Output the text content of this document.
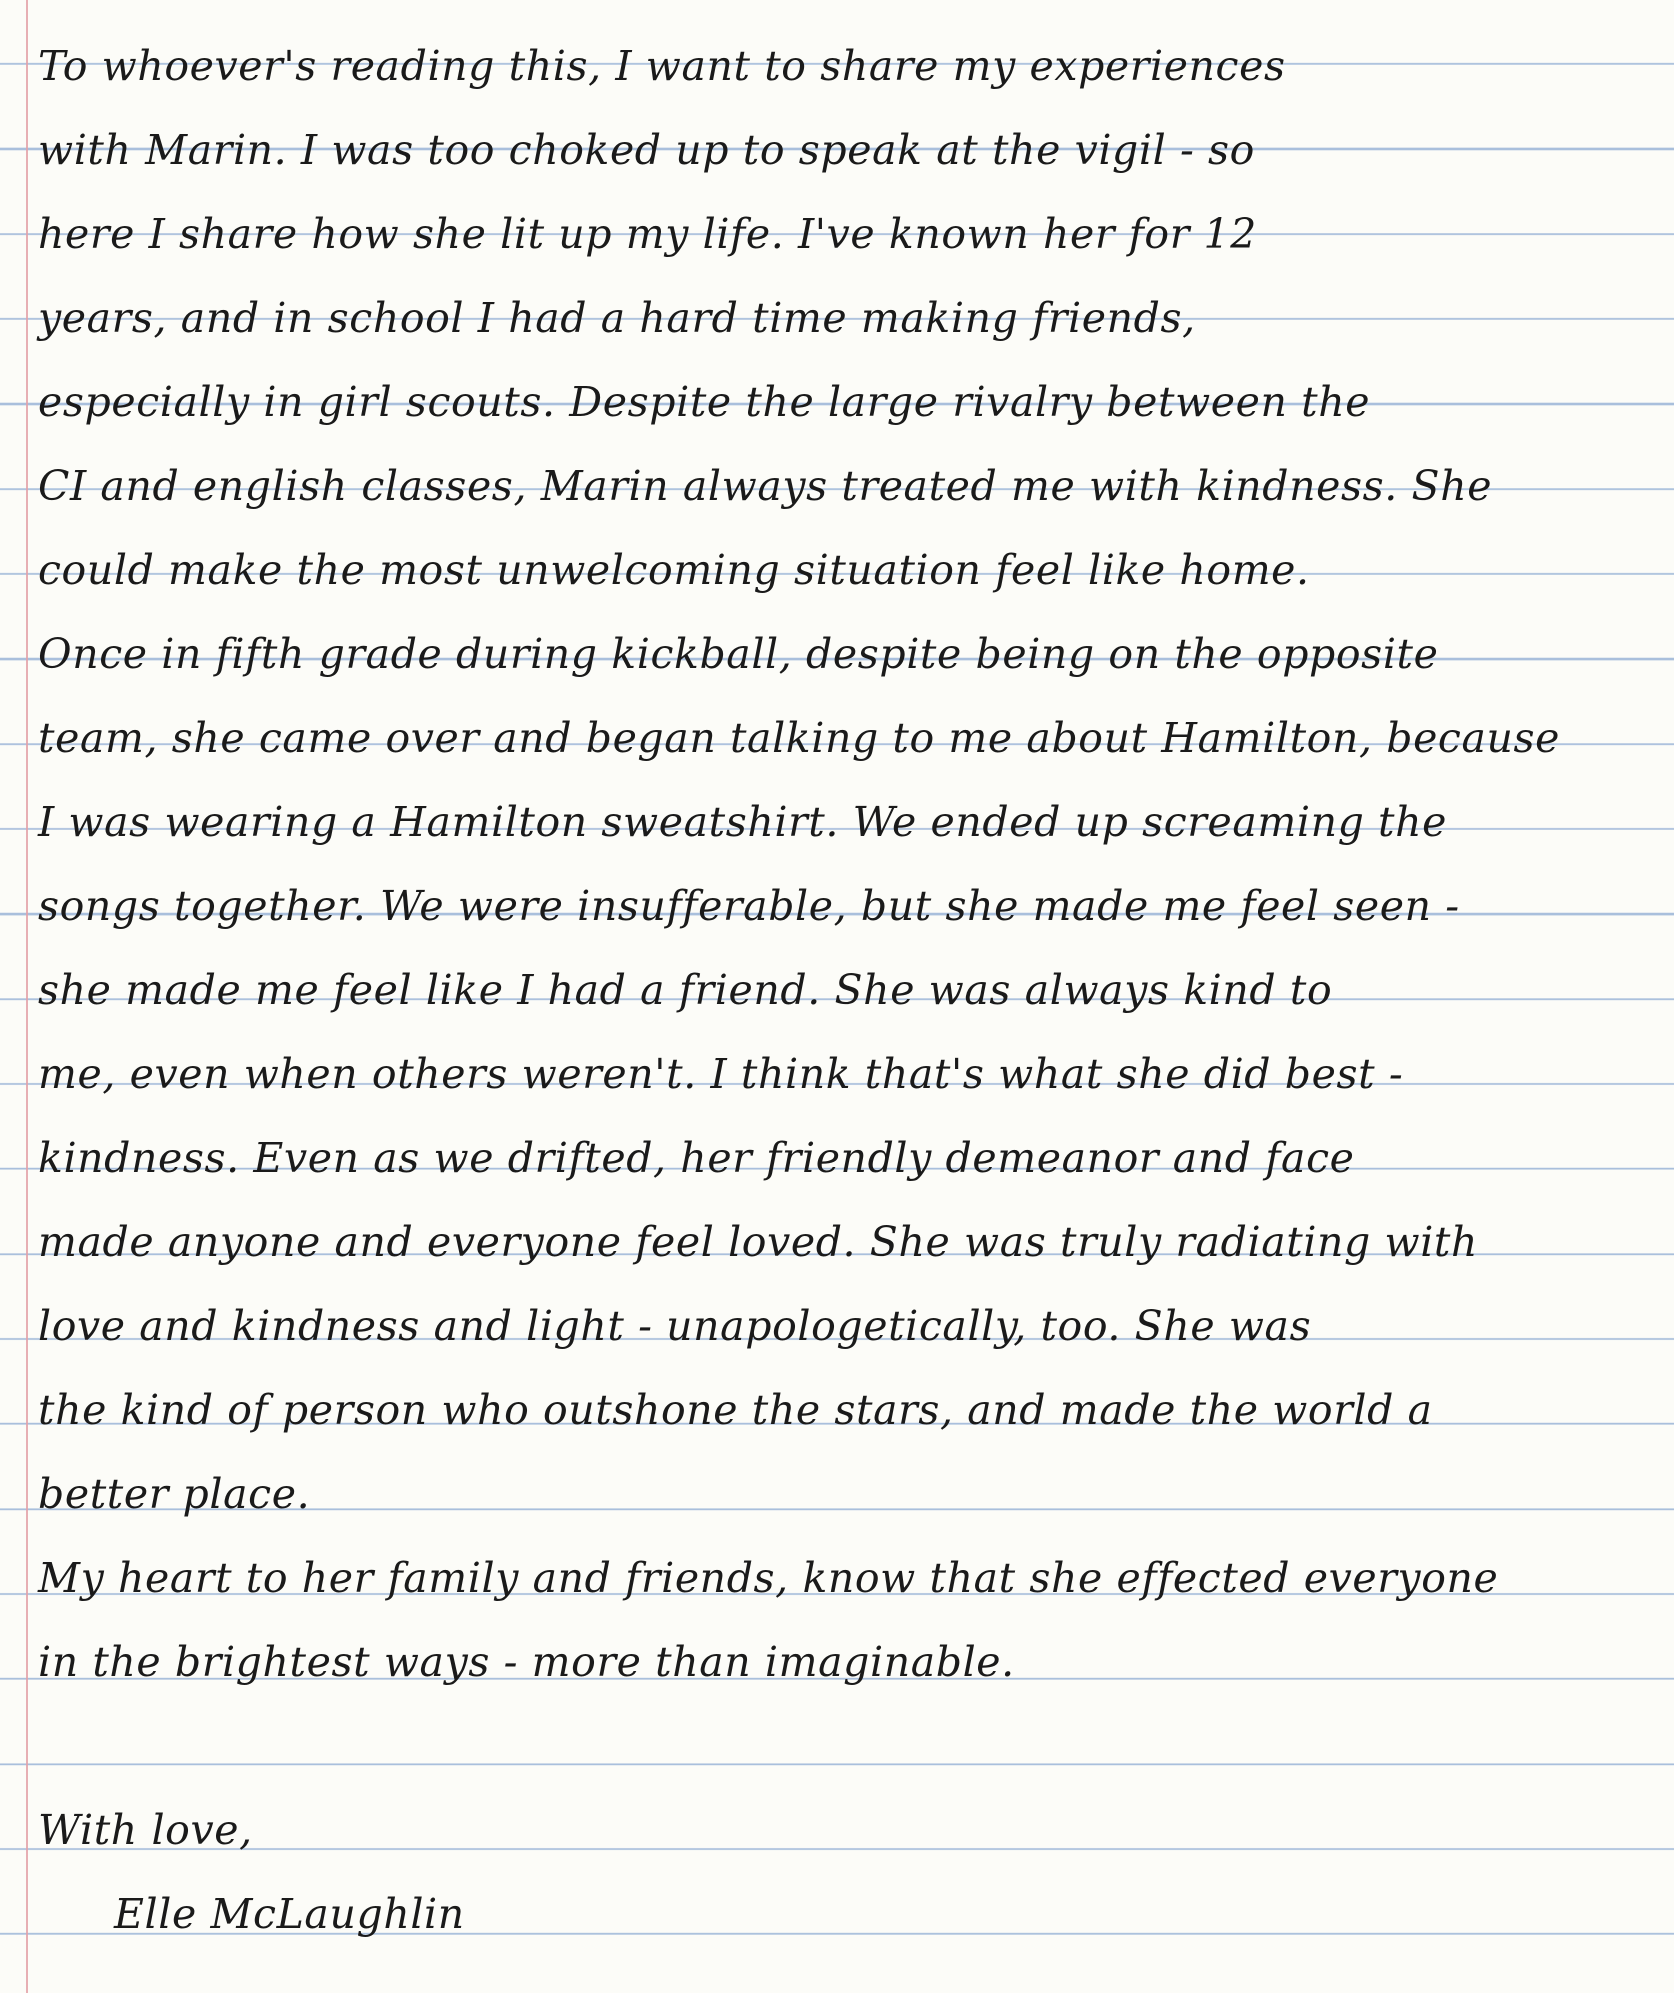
To whoever's reading this, I want to share my experiences
with Marin. I was too choked up to speak at the vigil - so
here I share how she lit up my life. I've known her for 12
years, and in school I had a hard time making friends,
especially in girl scouts. Despite the large rivalry between the
CI and english classes, Marin always treated me with kindness. She
could make the most unwelcoming situation feel like home.
Once in fifth grade during kickball, despite being on the opposite
team, she came over and began talking to me about Hamilton, because
I was wearing a Hamilton sweatshirt. We ended up screaming the
songs together. We were insufferable, but she made me feel seen -
she made me feel like I had a friend. She was always kind to
me, even when others weren't. I think that's what she did best -
kindness. Even as we drifted, her friendly demeanor and face
made anyone and everyone feel loved. She was truly radiating with
love and kindness and light - unapologetically, too. She was
the kind of person who outshone the stars, and made the world a
better place.
My heart to her family and friends, know that she effected everyone
in the brightest ways - more than imaginable.
With love,
Elle McLaughlin
